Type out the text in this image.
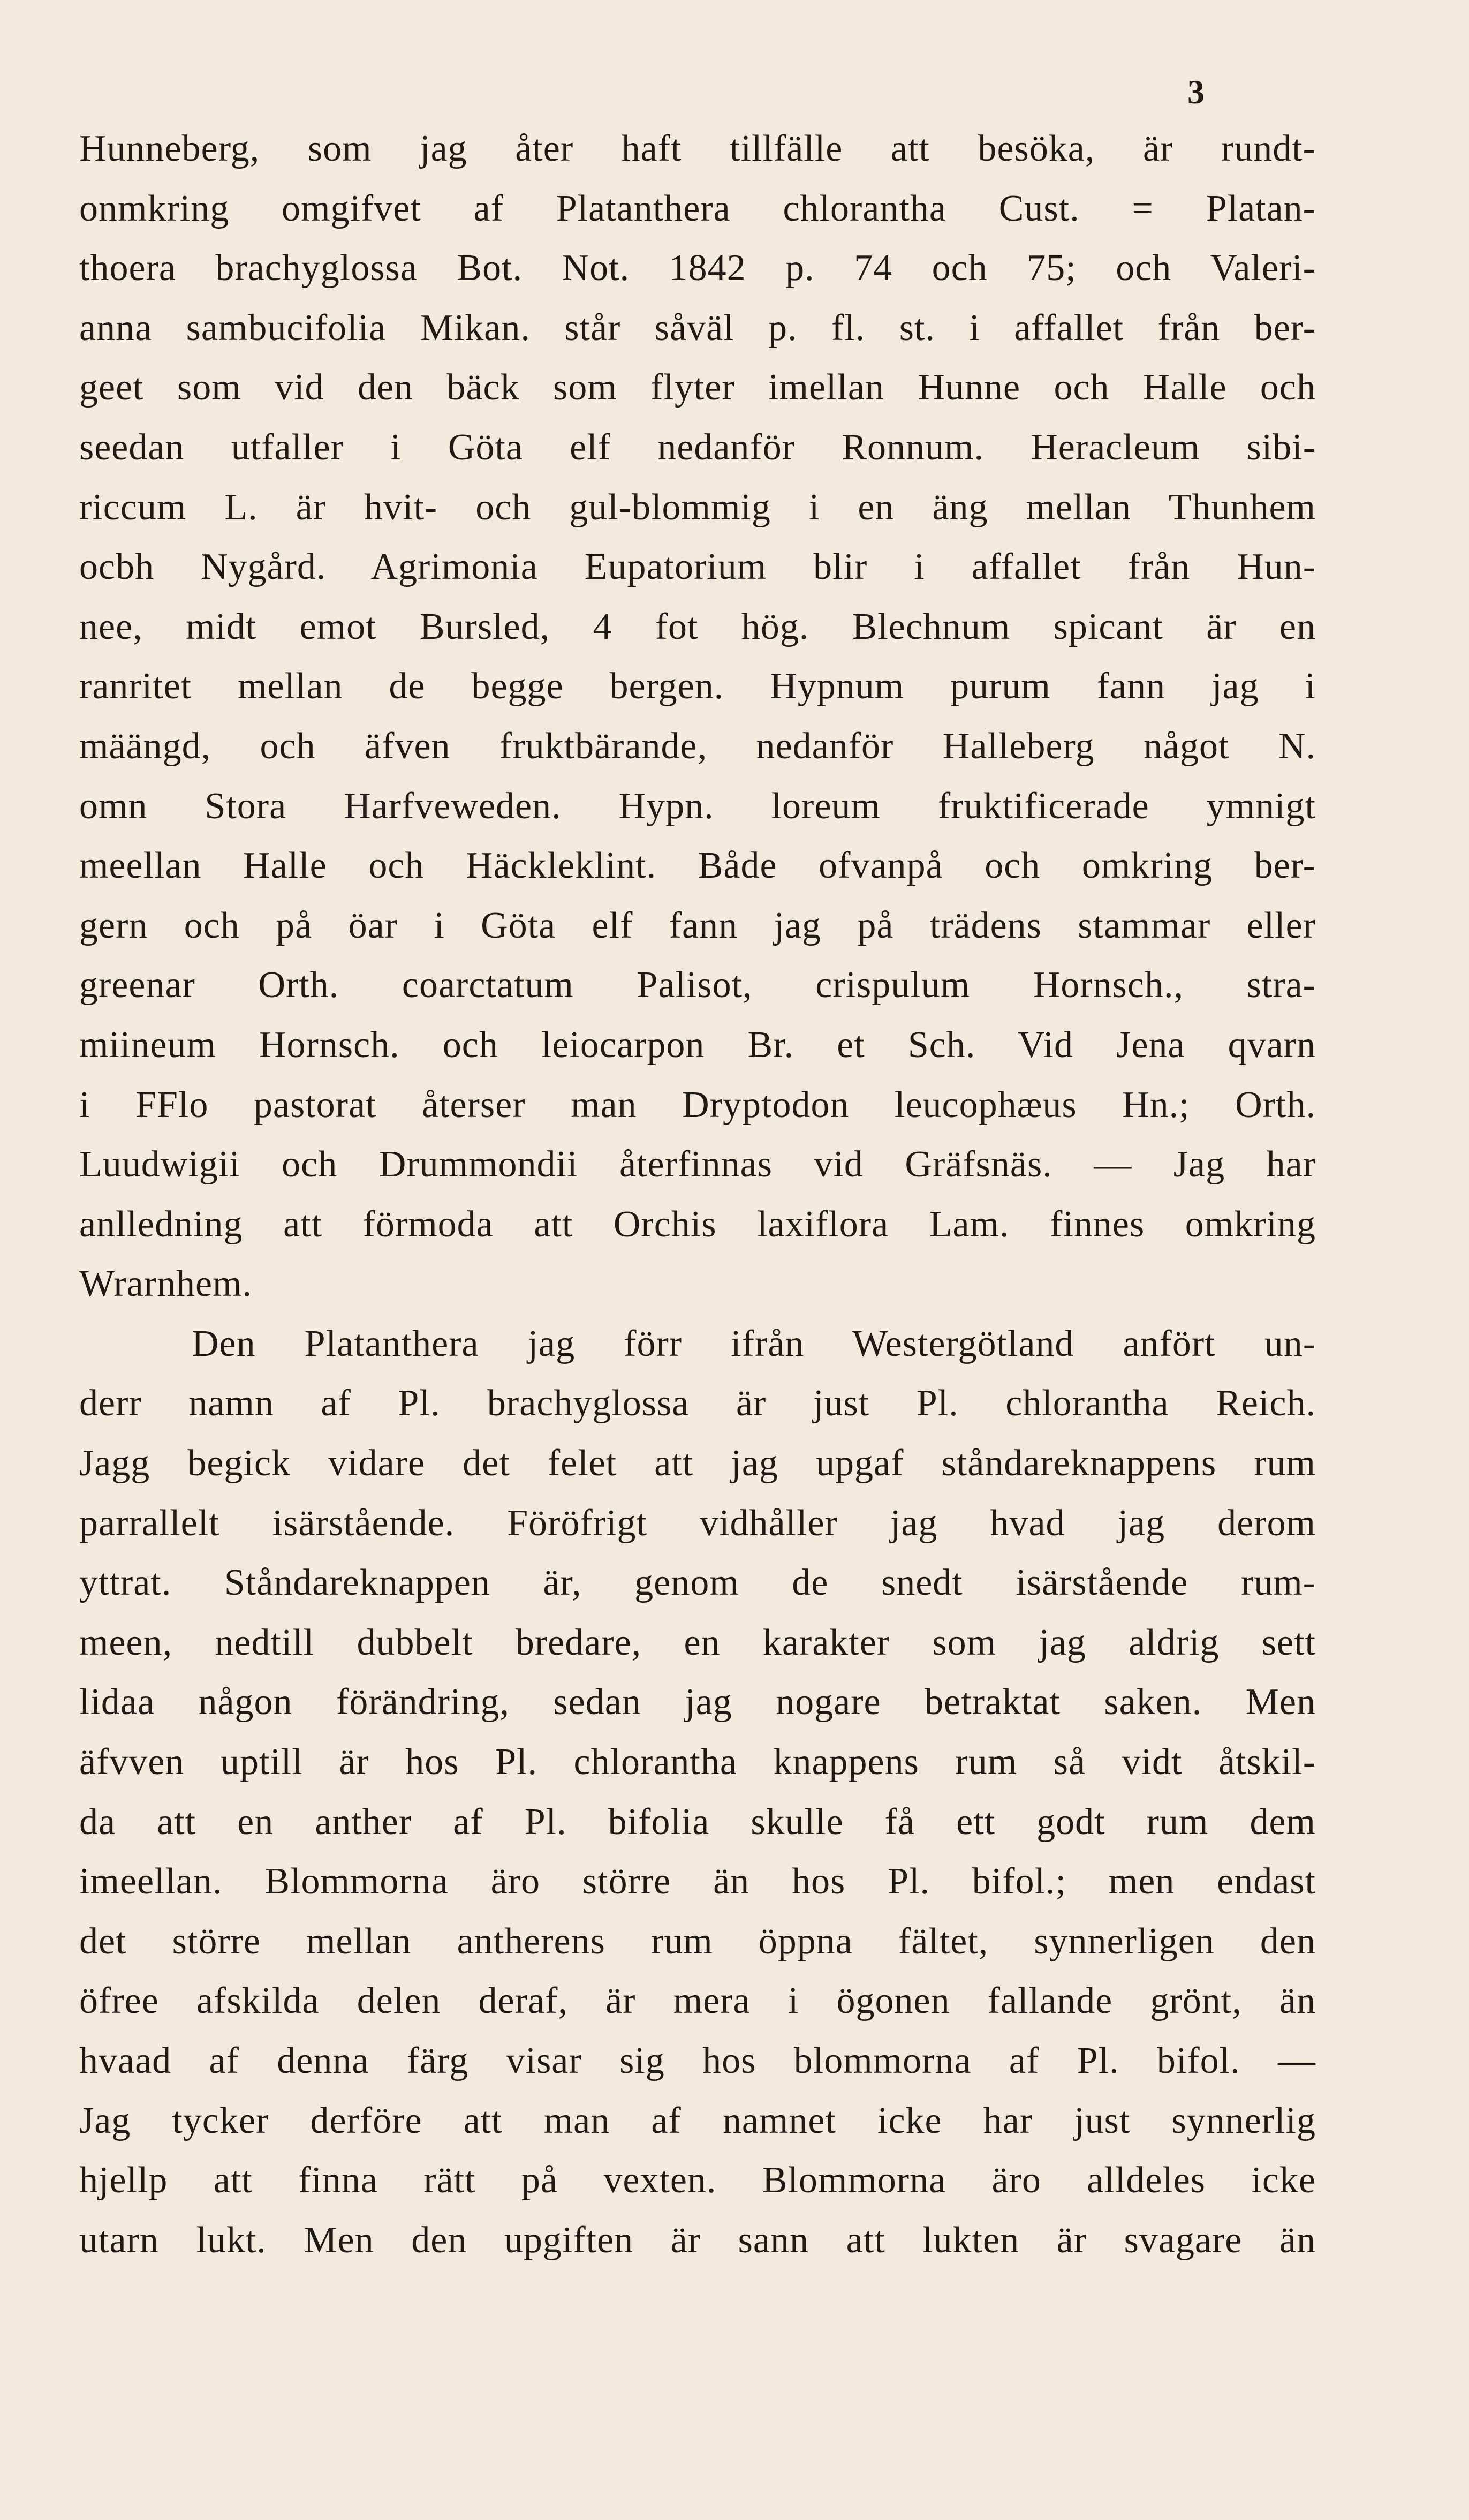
3
Hunneberg, som jag åter haft tillfälle att besöka, är rundt-
onmkring omgifvet af Platanthera chlorantha Cust. = Platan-
thoera brachyglossa Bot. Not. 1842 p. 74 och 75; och Valeri-
anna sambucifolia Mikan. står såväl p. fl. st. i affallet från ber-
geet som vid den bäck som flyter imellan Hunne och Halle och
seedan utfaller i Göta elf nedanför Ronnum. Heracleum sibi-
riccum L. är hvit- och gul-blommig i en äng mellan Thunhem
ocbh Nygård. Agrimonia Eupatorium blir i affallet från Hun-
nee, midt emot Bursled, 4 fot hög. Blechnum spicant är en
ranritet mellan de begge bergen. Hypnum purum fann jag i
määngd, och äfven fruktbärande, nedanför Halleberg något N.
omn Stora Harfveweden. Hypn. loreum fruktificerade ymnigt
meellan Halle och Häckleklint. Både ofvanpå och omkring ber-
gern och på öar i Göta elf fann jag på trädens stammar eller
greenar Orth. coarctatum Palisot, crispulum Hornsch., stra-
miineum Hornsch. och leiocarpon Br. et Sch. Vid Jena qvarn
i FFlo pastorat återser man Dryptodon leucophæus Hn.; Orth.
Luudwigii och Drummondii återfinnas vid Gräfsnäs. — Jag har
anlledning att förmoda att Orchis laxiflora Lam. finnes omkring
Wrarnhem.
Den Platanthera jag förr ifrån Westergötland anfört un-
derr namn af Pl. brachyglossa är just Pl. chlorantha Reich.
Jagg begick vidare det felet att jag upgaf ståndareknappens rum
parrallelt isärstående. Föröfrigt vidhåller jag hvad jag derom
yttrat. Ståndareknappen är, genom de snedt isärstående rum-
meen, nedtill dubbelt bredare, en karakter som jag aldrig sett
lidaa någon förändring, sedan jag nogare betraktat saken. Men
äfvven uptill är hos Pl. chlorantha knappens rum så vidt åtskil-
da att en anther af Pl. bifolia skulle få ett godt rum dem
imeellan. Blommorna äro större än hos Pl. bifol.; men endast
det större mellan antherens rum öppna fältet, synnerligen den
öfree afskilda delen deraf, är mera i ögonen fallande grönt, än
hvaad af denna färg visar sig hos blommorna af Pl. bifol. —
Jag tycker derföre att man af namnet icke har just synnerlig
hjellp att finna rätt på vexten. Blommorna äro alldeles icke
utarn lukt. Men den upgiften är sann att lukten är svagare än
